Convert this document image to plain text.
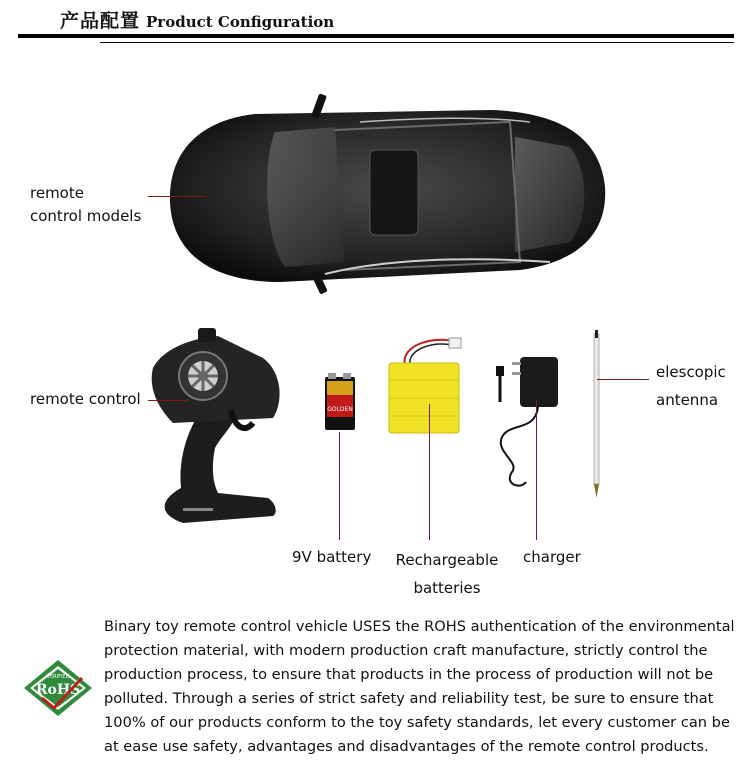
产品配置 Product Configuration
remote
control models
remote control
GOLDEN
9V battery Rechargeable
batteries
charger
elescopic
antenna
VERIFIED
RoHS
Binary toy remote control vehicle USES the ROHS authentication of the environmental
protection material, with modern production craft manufacture, strictly control the
production process, to ensure that products in the process of production will not be
polluted. Through a series of strict safety and reliability test, be sure to ensure that
100% of our products conform to the toy safety standards, let every customer can be
at ease use safety, advantages and disadvantages of the remote control products.
